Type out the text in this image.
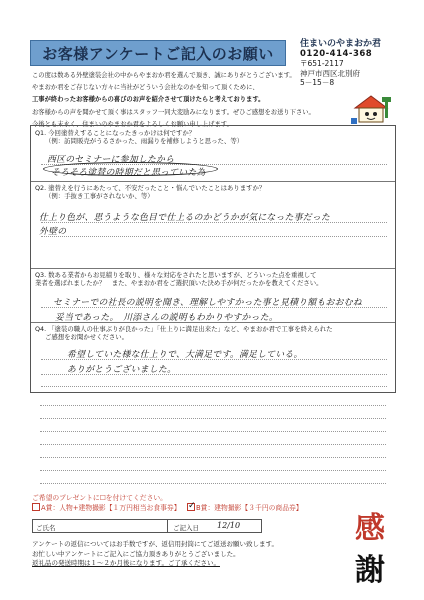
お客様アンケートご記入のお願い
住まいのやまおか君
0120-414-368
〒651-2117
神戸市西区北別府
5－15－8
この度は数ある外壁塗装会社の中からやまおか君を選んで頂き、誠にありがとうございます。
やまおか君をご存じない方々に当社がどういう会社なのかを知って頂くために、
工事が終わったお客様からの喜びのお声を紹介させて頂けたらと考えております。
お客様からの声を聞かせて頂く事はスタッフ一同大変励みになります。ぜひご感想をお送り下さい。
今後とも末永く、住まいのやまおか君をよろしくお願い申し上げます。
Q1. 今回塗替えすることになったきっかけは何ですか？
（例：訪問販売がうるさかった、雨漏りを補修しようと思った、等）
西区のセミナーに参加したから
そろそろ塗替の時期だと思っていた為
Q2. 塗替えを行うにあたって、不安だったこと・悩んでいたことはありますか？
（例：手抜き工事がされないか、等）
仕上り色が、思うような色目で仕上るのかどうかが気になった事だった
外壁の
Q3. 数ある業者からお見積りを取り、様々な対応をされたと思いますが、どういった点を重視して
業者を選ばれましたか？　 また、やまおか君をご選択頂いた決め手が何だったかを教えてください。
セミナーでの社長の説明を聞き、理解しやすかった事と見積り額もおおむね
妥当であった。　川添さんの説明もわかりやすかった。
Q4. 「塗装の職人の仕事ぶりが良かった」「仕上りに満足出来た」など、やまおか君で工事を終えられた
ご感想をお聞かせください。
希望していた様な仕上りで、大満足です。満足している。
ありがとうございました。
ご希望のプレゼントに☐を付けてください。
A賞：人物+建物撮影【１万円相当お食事券】 ✓ B賞：建物撮影【３千円の商品券】
ご氏名	ご記入日 12/10
アンケートの返信についてはお手数ですが、返信用封筒にてご返送お願い致します。
お忙しい中アンケートにご記入にご協力頂きありがとうございました。
返礼品の発送時期は１～２か月後になります。ご了承ください。
感
謝
